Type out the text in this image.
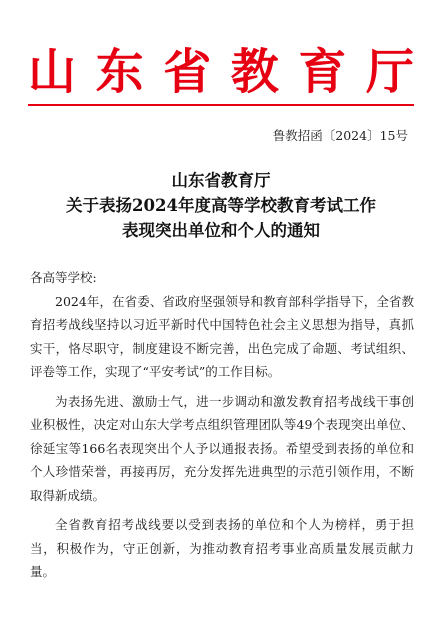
山 东 省 教 育 厅
鲁教招函〔2024〕15号
山东省教育厅
关于表扬2024年度高等学校教育考试工作
表现突出单位和个人的通知

各高等学校:

2024年，在省委、省政府坚强领导和教育部科学指导下，全省教育招考战线坚持以习近平新时代中国特色社会主义思想为指导，真抓实干，恪尽职守，制度建设不断完善，出色完成了命题、考试组织、评卷等工作，实现了“平安考试”的工作目标。

为表扬先进、激励士气，进一步调动和激发教育招考战线干事创业积极性，决定对山东大学考点组织管理团队等49个表现突出单位、徐延宝等166名表现突出个人予以通报表扬。希望受到表扬的单位和个人珍惜荣誉，再接再厉，充分发挥先进典型的示范引领作用，不断取得新成绩。

全省教育招考战线要以受到表扬的单位和个人为榜样，勇于担当，积极作为，守正创新，为推动教育招考事业高质量发展贡献力量。
